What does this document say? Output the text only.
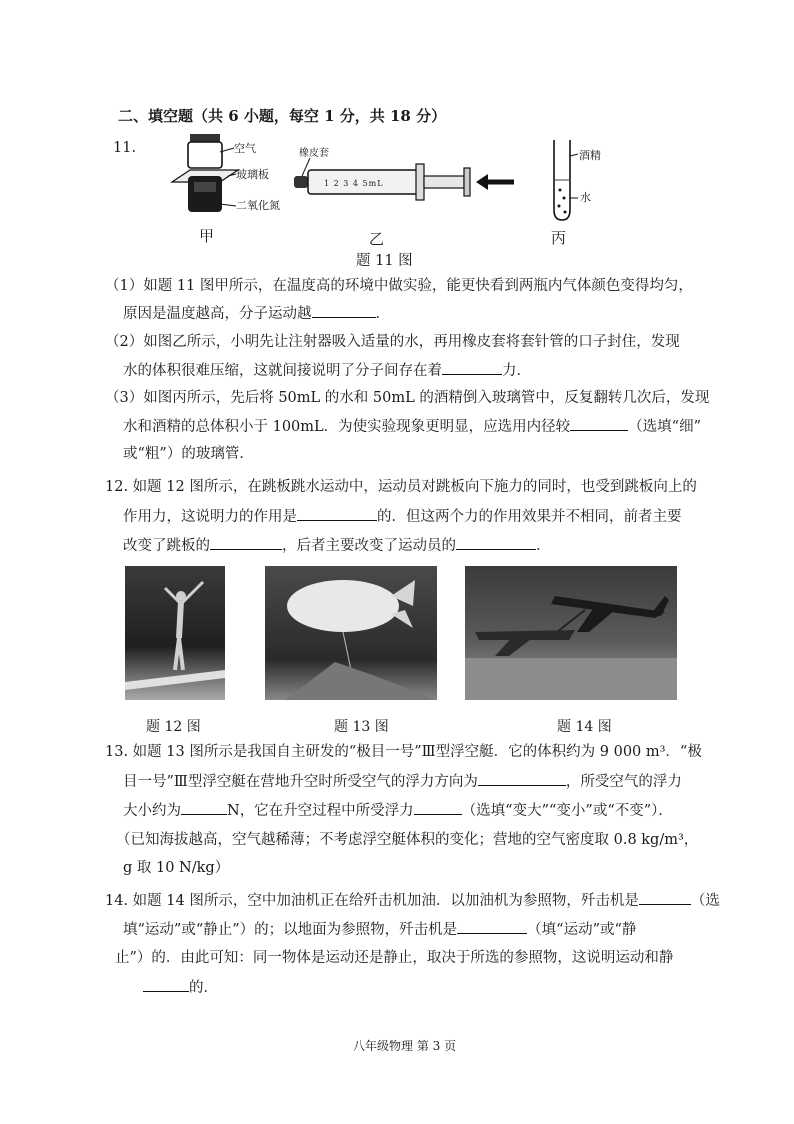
二、填空题（共 6 小题，每空 1 分，共 18 分）
11.	空气
玻璃板
二氧化氮
甲
橡皮套
1 2 3 4 5mL
乙
酒精
水
丙
题 11 图
（1）如题 11 图甲所示，在温度高的环境中做实验，能更快看到两瓶内气体颜色变得均匀，
原因是温度越高，分子运动越	．
（2）如图乙所示，小明先让注射器吸入适量的水，再用橡皮套将套针管的口子封住，发现
水的体积很难压缩，这就间接说明了分子间存在着	力．
（3）如图丙所示，先后将 50mL 的水和 50mL 的酒精倒入玻璃管中，反复翻转几次后，发现
水和酒精的总体积小于 100mL．为使实验现象更明显，应选用内径较	（选填“细”
或“粗”）的玻璃管．
12. 如题 12 图所示，在跳板跳水运动中，运动员对跳板向下施力的同时，也受到跳板向上的
作用力，这说明力的作用是	的．但这两个力的作用效果并不相同，前者主要
改变了跳板的	，后者主要改变了运动员的	．
题 12 图	题 13 图	题 14 图
13. 如题 13 图所示是我国自主研发的“极目一号”Ⅲ型浮空艇．它的体积约为 9 000 m³．“极
目一号”Ⅲ型浮空艇在营地升空时所受空气的浮力方向为	，所受空气的浮力
大小约为	N，它在升空过程中所受浮力	（选填“变大”“变小”或“不变”）．
（已知海拔越高，空气越稀薄；不考虑浮空艇体积的变化；营地的空气密度取 0.8 kg/m³，
g 取 10 N/kg）
14. 如题 14 图所示，空中加油机正在给歼击机加油．以加油机为参照物，歼击机是	（选
填“运动”或“静止”）的；以地面为参照物，歼击机是	（填“运动”或“静
止”）的．由此可知：同一物体是运动还是静止，取决于所选的参照物，这说明运动和静
的．
八年级物理 第 3 页
